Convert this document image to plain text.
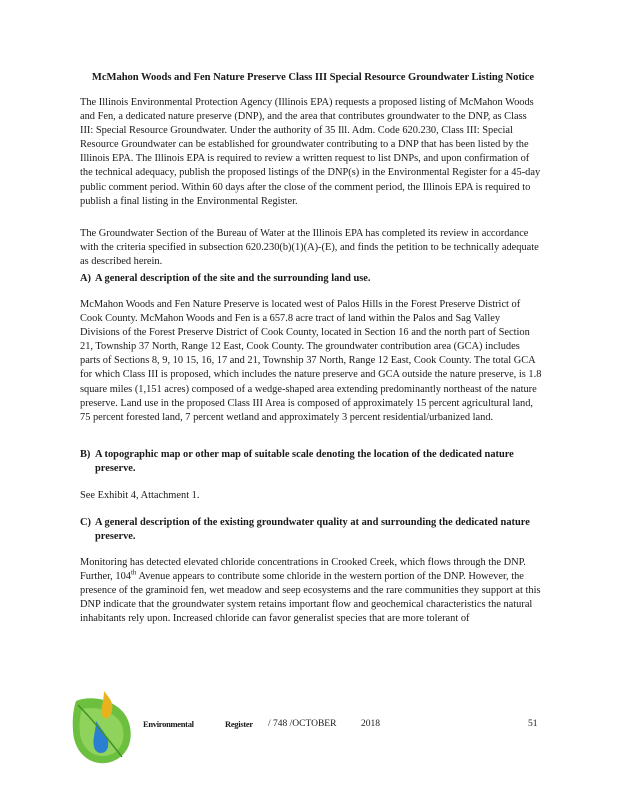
McMahon Woods and Fen Nature Preserve Class III Special Resource Groundwater Listing Notice
The Illinois Environmental Protection Agency (Illinois EPA) requests a proposed listing of McMahon Woods and Fen, a dedicated nature preserve (DNP), and the area that contributes groundwater to the DNP, as Class III: Special Resource Groundwater. Under the authority of 35 Ill. Adm. Code 620.230, Class III: Special Resource Groundwater can be established for groundwater contributing to a DNP that has been listed by the Illinois EPA. The Illinois EPA is required to review a written request to list DNPs, and upon confirmation of the technical adequacy, publish the proposed listings of the DNP(s) in the Environmental Register for a 45-day public comment period. Within 60 days after the close of the comment period, the Illinois EPA is required to publish a final listing in the Environmental Register.
The Groundwater Section of the Bureau of Water at the Illinois EPA has completed its review in accordance with the criteria specified in subsection 620.230(b)(1)(A)-(E), and finds the petition to be technically adequate as described herein.
A) A general description of the site and the surrounding land use.
McMahon Woods and Fen Nature Preserve is located west of Palos Hills in the Forest Preserve District of Cook County. McMahon Woods and Fen is a 657.8 acre tract of land within the Palos and Sag Valley Divisions of the Forest Preserve District of Cook County, located in Section 16 and the north part of Section 21, Township 37 North, Range 12 East, Cook County. The groundwater contribution area (GCA) includes parts of Sections 8, 9, 10 15, 16, 17 and 21, Township 37 North, Range 12 East, Cook County. The total GCA for which Class III is proposed, which includes the nature preserve and GCA outside the nature preserve, is 1.8 square miles (1,151 acres) composed of a wedge-shaped area extending predominantly northeast of the nature preserve. Land use in the proposed Class III Area is composed of approximately 15 percent agricultural land, 75 percent forested land, 7 percent wetland and approximately 3 percent residential/urbanized land.
B) A topographic map or other map of suitable scale denoting the location of the dedicated nature preserve.
See Exhibit 4, Attachment 1.
C) A general description of the existing groundwater quality at and surrounding the dedicated nature preserve.
Monitoring has detected elevated chloride concentrations in Crooked Creek, which flows through the DNP. Further, 104th Avenue appears to contribute some chloride in the western portion of the DNP. However, the presence of the graminoid fen, wet meadow and seep ecosystems and the rare communities they support at this DNP indicate that the groundwater system retains important flow and geochemical characteristics the natural inhabitants rely upon. Increased chloride can favor generalist species that are more tolerant of
Environmental	Register / 748 /OCTOBER	2018	51
